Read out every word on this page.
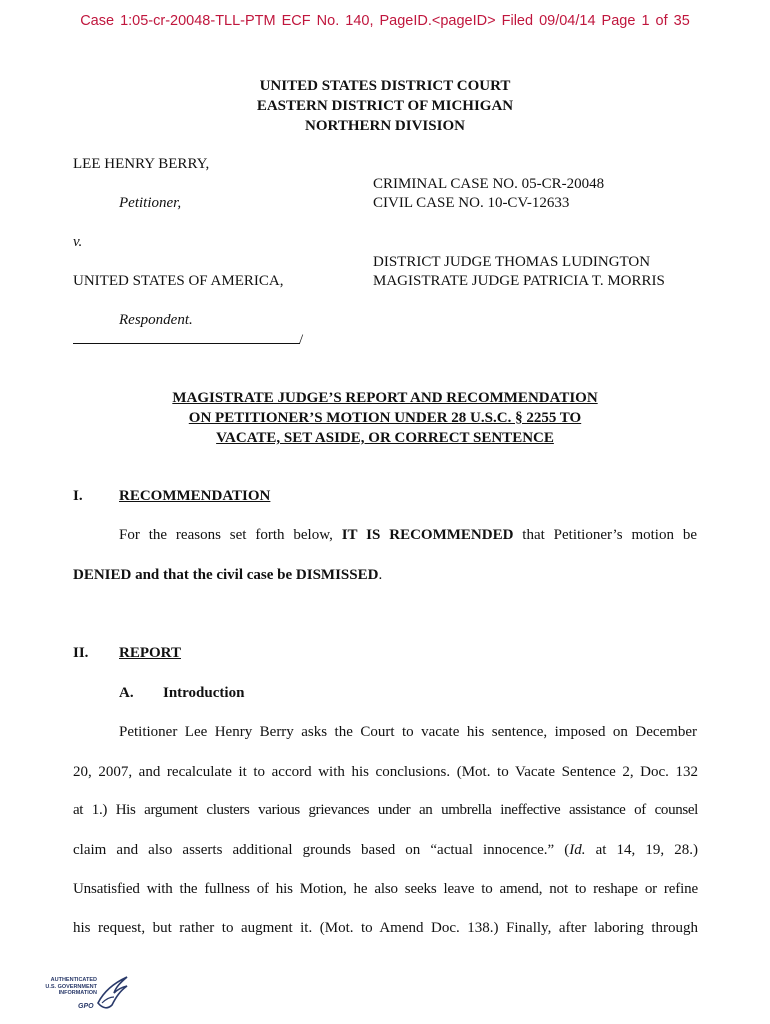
Case 1:05-cr-20048-TLL-PTM ECF No. 140, PageID.<pageID> Filed 09/04/14 Page 1 of 35
UNITED STATES DISTRICT COURT
EASTERN DISTRICT OF MICHIGAN
NORTHERN DIVISION
LEE HENRY BERRY,
Petitioner,
v.
UNITED STATES OF AMERICA,
Respondent.
/
CRIMINAL CASE NO. 05-CR-20048
CIVIL CASE NO. 10-CV-12633
DISTRICT JUDGE THOMAS LUDINGTON
MAGISTRATE JUDGE PATRICIA T. MORRIS
MAGISTRATE JUDGE’S REPORT AND RECOMMENDATION
ON PETITIONER’S MOTION UNDER 28 U.S.C. § 2255 TO
VACATE, SET ASIDE, OR CORRECT SENTENCE
I. RECOMMENDATION
For the reasons set forth below, IT IS RECOMMENDED that Petitioner’s motion be
DENIED and that the civil case be DISMISSED.
II. REPORT
A. Introduction
Petitioner Lee Henry Berry asks the Court to vacate his sentence, imposed on December
20, 2007, and recalculate it to accord with his conclusions. (Mot. to Vacate Sentence 2, Doc. 132
at 1.) His argument clusters various grievances under an umbrella ineffective assistance of counsel
claim and also asserts additional grounds based on “actual innocence.” (Id. at 14, 19, 28.)
Unsatisfied with the fullness of his Motion, he also seeks leave to amend, not to reshape or refine
his request, but rather to augment it. (Mot. to Amend Doc. 138.) Finally, after laboring through
AUTHENTICATED
U.S. GOVERNMENT
INFORMATION
GPO
